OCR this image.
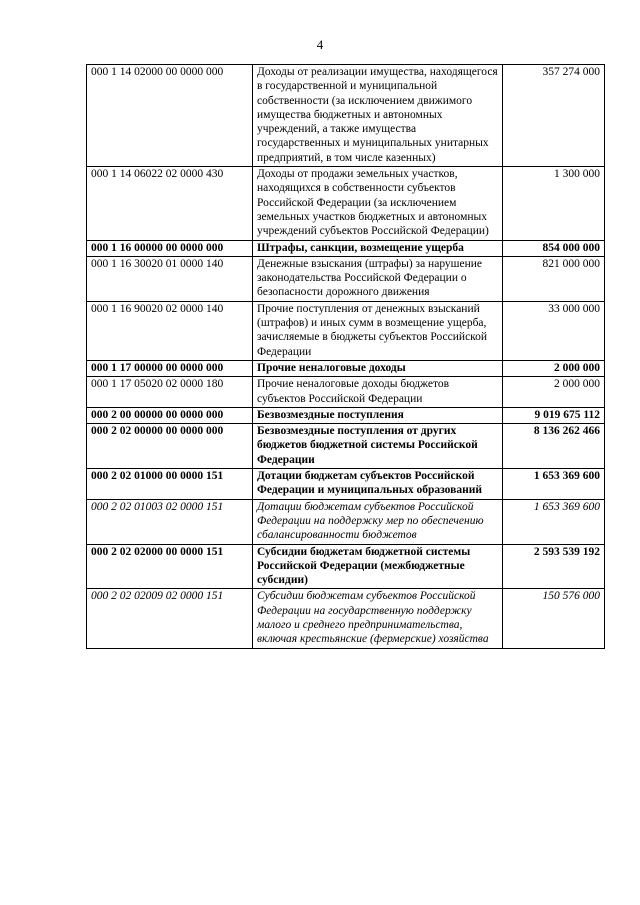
4
000 1 14 02000 00 0000 000	Доходы от реализации имущества, находящегося в государственной и муниципальной собственности (за исключением движимого имущества бюджетных и автономных учреждений, а также имущества государственных и муниципальных унитарных предприятий, в том числе казенных)	357 274 000
000 1 14 06022 02 0000 430	Доходы от продажи земельных участков, находящихся в собственности субъектов Российской Федерации (за исключением земельных участков бюджетных и автономных учреждений субъектов Российской Федерации)	1 300 000
000 1 16 00000 00 0000 000	Штрафы, санкции, возмещение ущерба	854 000 000
000 1 16 30020 01 0000 140	Денежные взыскания (штрафы) за нарушение законодательства Российской Федерации о безопасности дорожного движения	821 000 000
000 1 16 90020 02 0000 140	Прочие поступления от денежных взысканий (штрафов) и иных сумм в возмещение ущерба, зачисляемые в бюджеты субъектов Российской Федерации	33 000 000
000 1 17 00000 00 0000 000	Прочие неналоговые доходы	2 000 000
000 1 17 05020 02 0000 180	Прочие неналоговые доходы бюджетов субъектов Российской Федерации	2 000 000
000 2 00 00000 00 0000 000	Безвозмездные поступления	9 019 675 112
000 2 02 00000 00 0000 000	Безвозмездные поступления от других бюджетов бюджетной системы Российской Федерации	8 136 262 466
000 2 02 01000 00 0000 151	Дотации бюджетам субъектов Российской Федерации и муниципальных образований	1 653 369 600
000 2 02 01003 02 0000 151	Дотации бюджетам субъектов Российской Федерации на поддержку мер по обеспечению сбалансированности бюджетов	1 653 369 600
000 2 02 02000 00 0000 151	Субсидии бюджетам бюджетной системы Российской Федерации (межбюджетные субсидии)	2 593 539 192
000 2 02 02009 02 0000 151	Субсидии бюджетам субъектов Российской Федерации на государственную поддержку малого и среднего предпринимательства, включая крестьянские (фермерские) хозяйства	150 576 000
